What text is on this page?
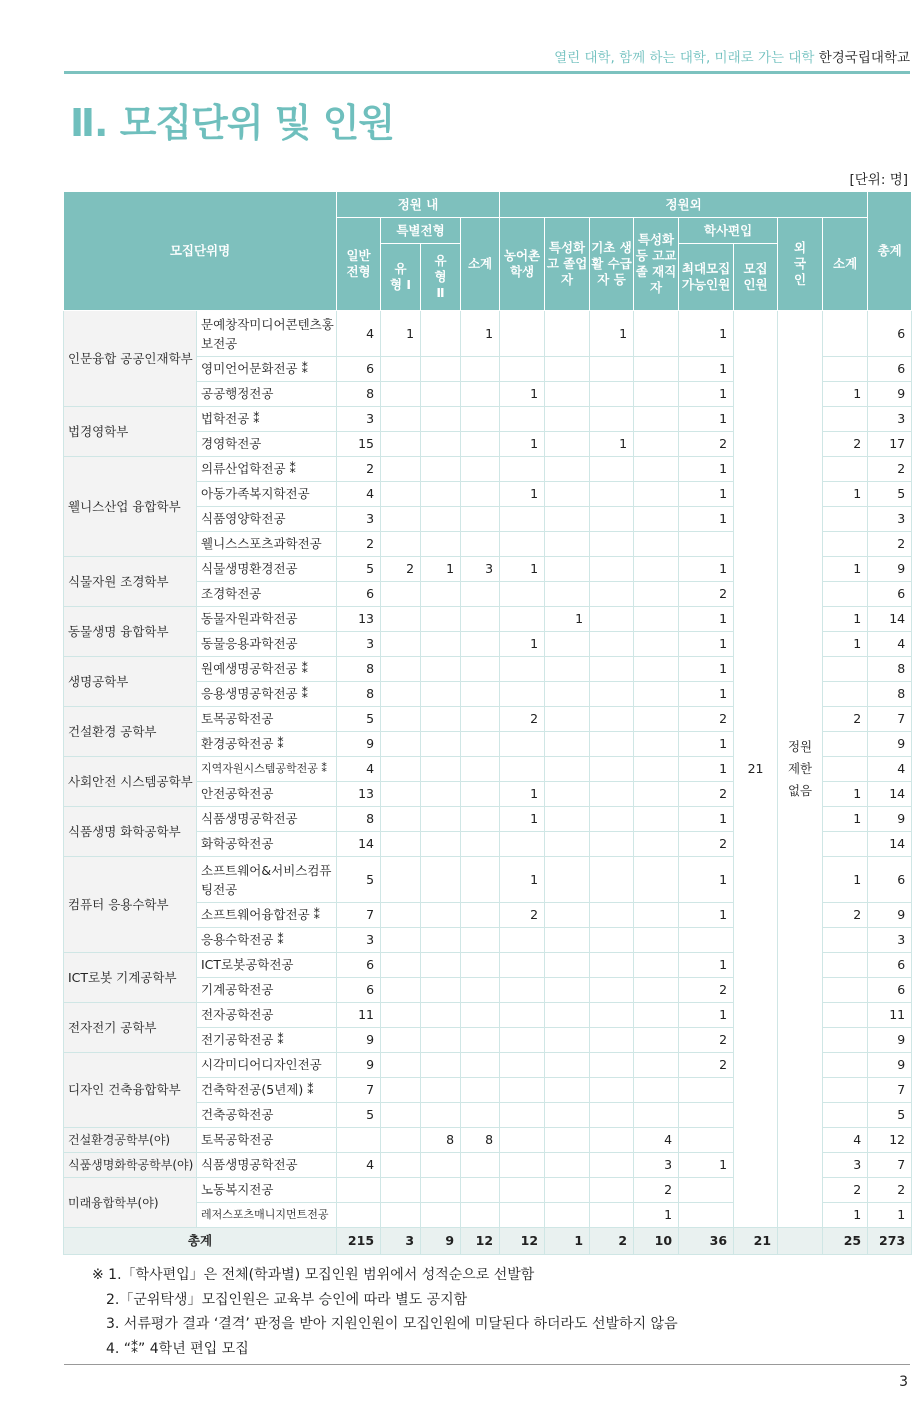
열린 대학, 함께 하는 대학, 미래로 가는 대학 한경국립대학교
Ⅱ. 모집단위 및 인원
[단위: 명]
모집단위명		정원 내				정원외								총계
		일반 전형	특별전형		소계	농어촌 학생	특성화고 졸업자	기초 생활 수급자 등	특성화 등 고교졸 재직자	학사편입		외 국 인	소계	
			유형 Ⅰ	유형 Ⅱ						최대모집 가능인원	모집 인원			
인문융합 공공인재학부	문예창작미디어콘텐츠홍보전공	4	1		1			1		1	21	정원 제한 없음		6
	영미언어문화전공 ⁑	6								1				6
	공공행정전공	8				1				1			1	9
법경영학부	법학전공 ⁑	3								1				3
	경영학전공	15				1		1		2			2	17
웰니스산업 융합학부	의류산업학전공 ⁑	2								1				2
	아동가족복지학전공	4				1				1			1	5
	식품영양학전공	3								1				3
	웰니스스포츠과학전공	2												2
식물자원 조경학부	식물생명환경전공	5	2	1	3	1				1			1	9
	조경학전공	6								2				6
동물생명 융합학부	동물자원과학전공	13					1			1			1	14
	동물응용과학전공	3				1				1			1	4
생명공학부	원예생명공학전공 ⁑	8								1				8
	응용생명공학전공 ⁑	8								1				8
건설환경 공학부	토목공학전공	5				2				2			2	7
	환경공학전공 ⁑	9								1				9
사회안전 시스템공학부	지역자원시스템공학전공 ⁑	4								1				4
	안전공학전공	13				1				2			1	14
식품생명 화학공학부	식품생명공학전공	8				1				1			1	9
	화학공학전공	14								2				14
컴퓨터 응용수학부	소프트웨어&서비스컴퓨팅전공	5				1				1			1	6
	소프트웨어융합전공 ⁑	7				2				1			2	9
	응용수학전공 ⁑	3												3
ICT로봇 기계공학부	ICT로봇공학전공	6								1				6
	기계공학전공	6								2				6
전자전기 공학부	전자공학전공	11								1				11
	전기공학전공 ⁑	9								2				9
디자인 건축융합학부	시각미디어디자인전공	9								2				9
	건축학전공(5년제) ⁑	7												7
	건축공학전공	5												5
건설환경공학부(야)	토목공학전공			8	8				4				4	12
식품생명화학공학부(야)	식품생명공학전공	4							3	1			3	7
미래융합학부(야)	노동복지전공								2				2	2
	레저스포츠매니지먼트전공								1				1	1
총계		215	3	9	12	12	1	2	10	36	21		25	273
※ 1.「학사편입」은 전체(학과별) 모집인원 범위에서 성적순으로 선발함
2.「군위탁생」모집인원은 교육부 승인에 따라 별도 공지함
3. 서류평가 결과 ‘결격’ 판정을 받아 지원인원이 모집인원에 미달된다 하더라도 선발하지 않음
4. “⁑” 4학년 편입 모집
3
